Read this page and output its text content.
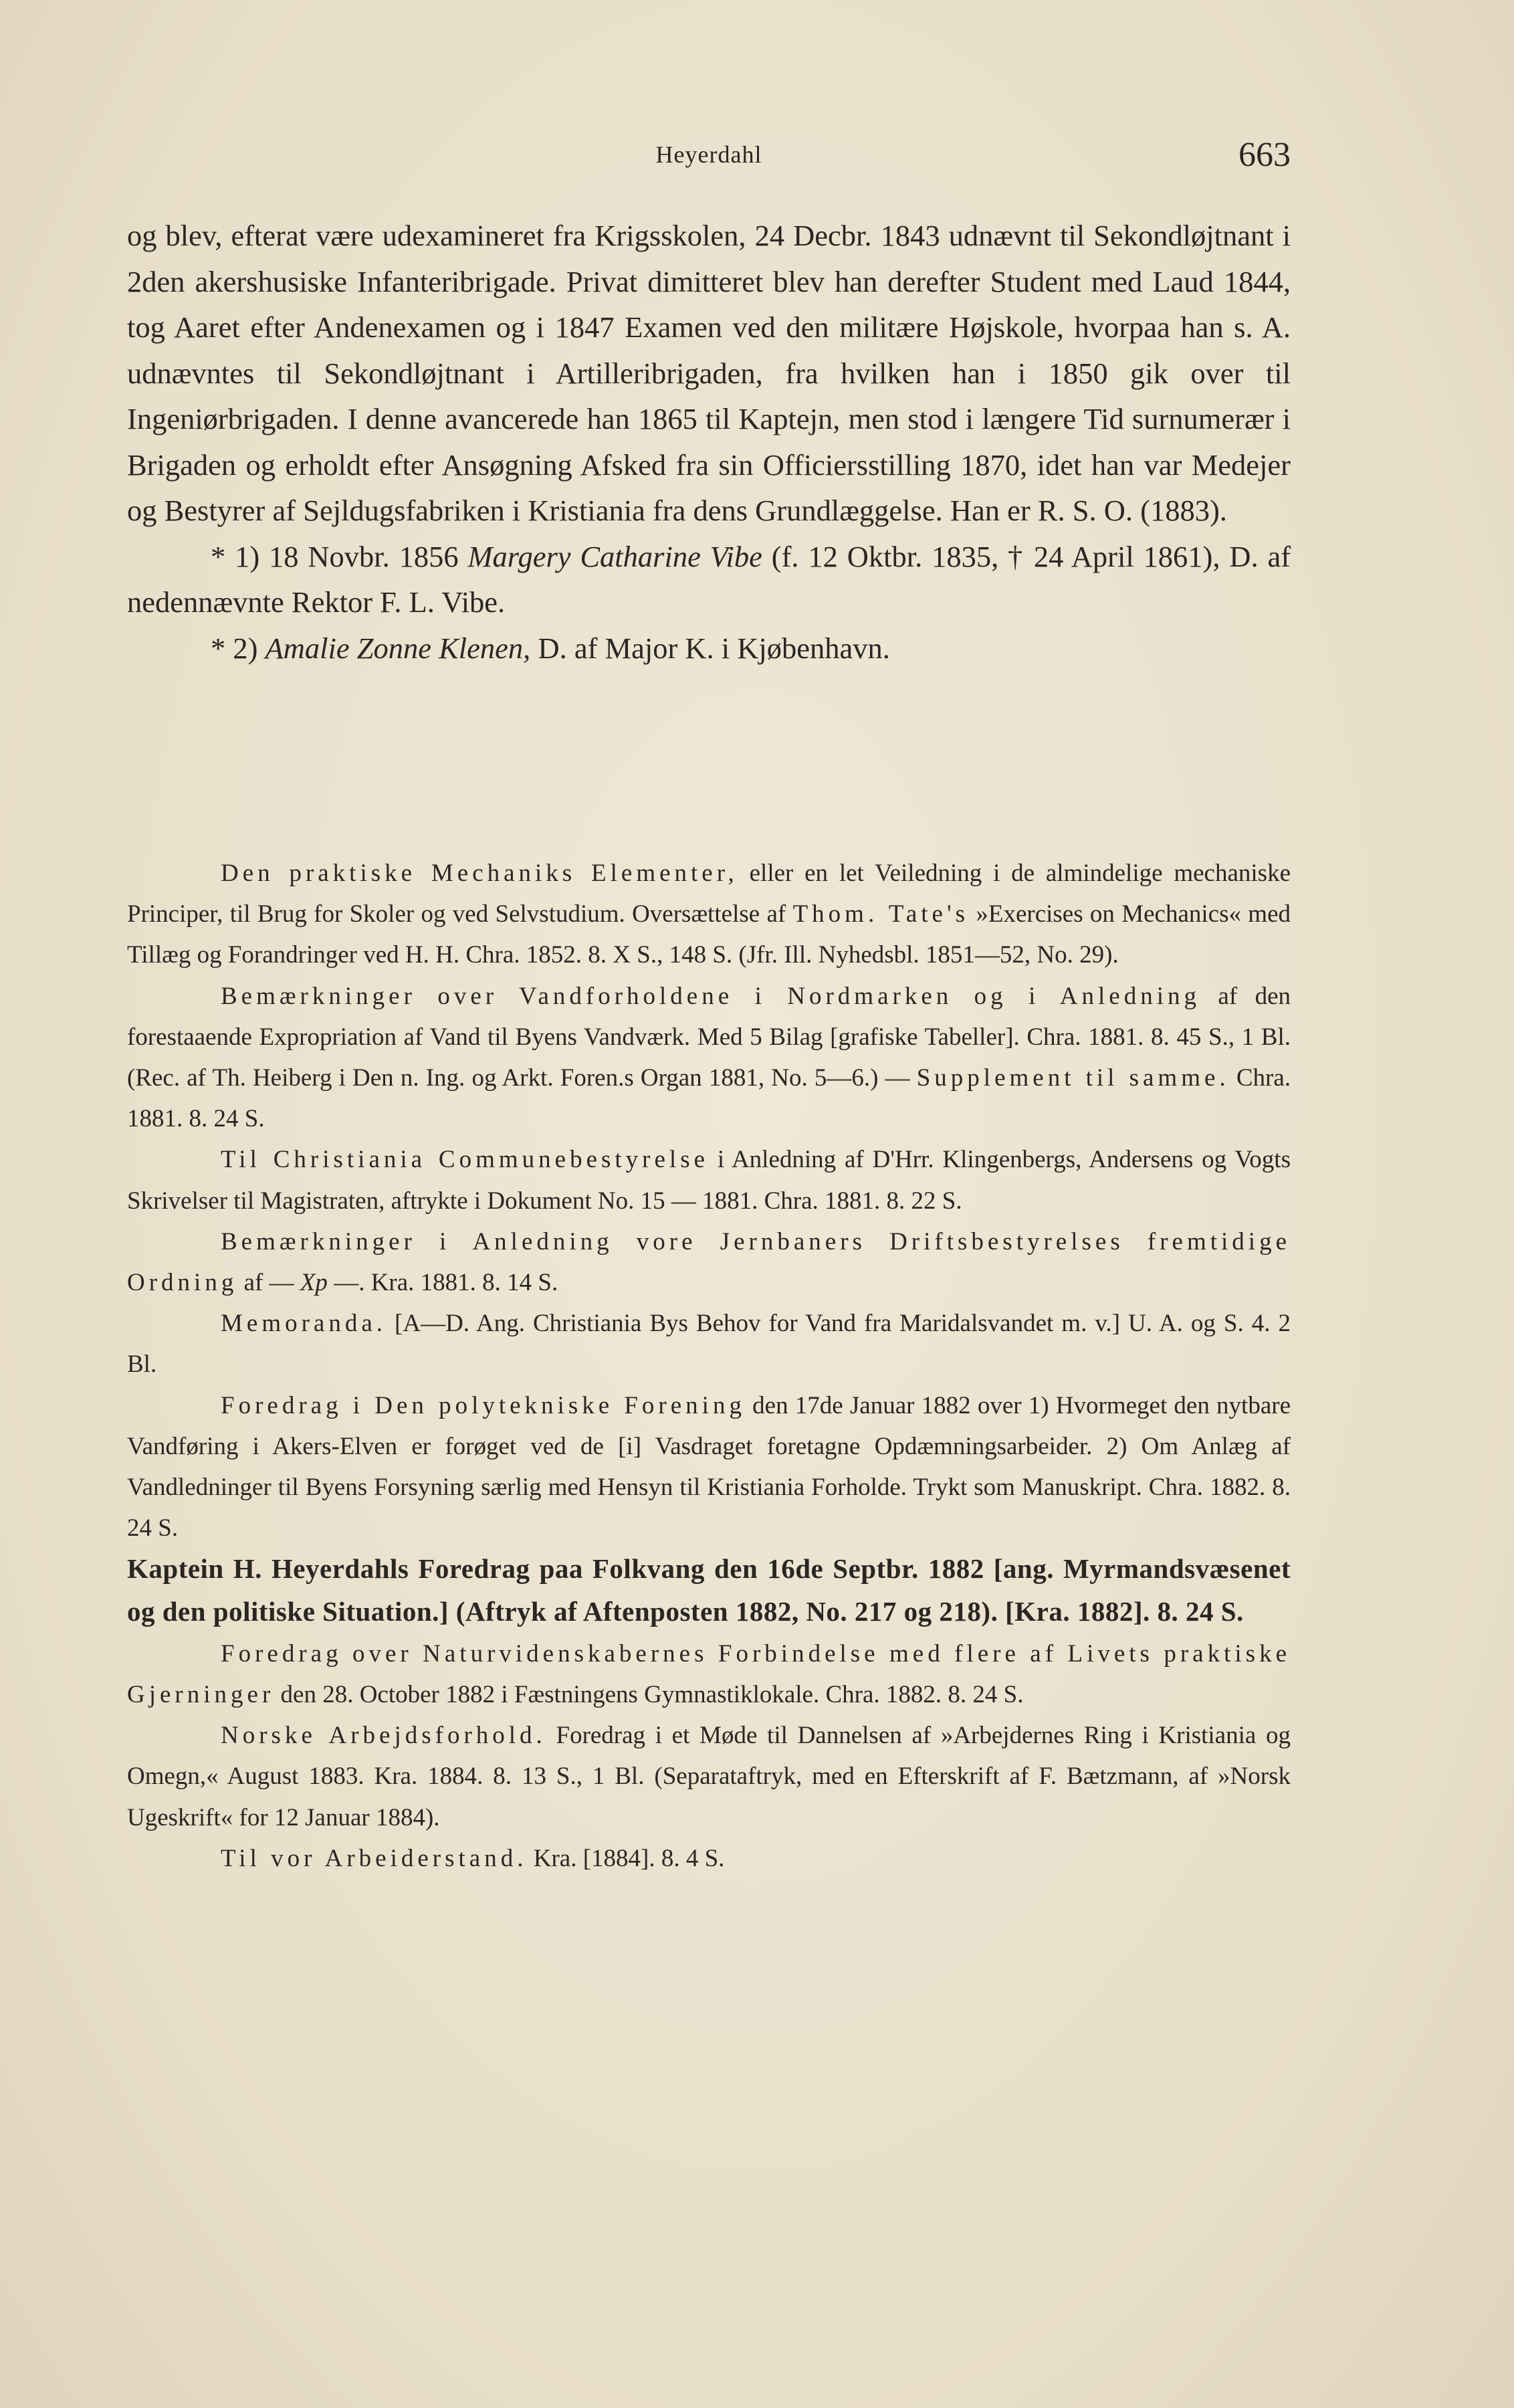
Heyerdahl	663

og blev, efterat være udexamineret fra Krigsskolen, 24 Decbr. 1843 udnævnt til Sekondløjtnant i 2den akershusiske Infanteribrigade. Privat dimitteret blev han derefter Student med Laud 1844, tog Aaret efter Andenexamen og i 1847 Examen ved den militære Højskole, hvorpaa han s. A. udnævntes til Sekondløjtnant i Artilleribrigaden, fra hvilken han i 1850 gik over til Ingeniørbrigaden. I denne avancerede han 1865 til Kaptejn, men stod i længere Tid surnumerær i Brigaden og erholdt efter Ansøgning Afsked fra sin Officiersstilling 1870, idet han var Medejer og Bestyrer af Sejldugsfabriken i Kristiania fra dens Grundlæggelse. Han er R. S. O. (1883).

* 1) 18 Novbr. 1856 Margery Catharine Vibe (f. 12 Oktbr. 1835, † 24 April 1861), D. af nedennævnte Rektor F. L. Vibe.

* 2) Amalie Zonne Klenen, D. af Major K. i Kjøbenhavn.

Den praktiske Mechaniks Elementer, eller en let Veiledning i de almindelige mechaniske Principer, til Brug for Skoler og ved Selvstudium. Oversættelse af Thom. Tate's »Exercises on Mechanics« med Tillæg og Forandringer ved H. H. Chra. 1852. 8. X S., 148 S. (Jfr. Ill. Nyhedsbl. 1851—52, No. 29).

Bemærkninger over Vandforholdene i Nordmarken og i Anledning af den forestaaende Expropriation af Vand til Byens Vandværk. Med 5 Bilag [grafiske Tabeller]. Chra. 1881. 8. 45 S., 1 Bl. (Rec. af Th. Heiberg i Den n. Ing. og Arkt. Foren.s Organ 1881, No. 5—6.) — Supplement til samme. Chra. 1881. 8. 24 S.

Til Christiania Communebestyrelse i Anledning af D'Hrr. Klingenbergs, Andersens og Vogts Skrivelser til Magistraten, aftrykte i Dokument No. 15 — 1881. Chra. 1881. 8. 22 S.

Bemærkninger i Anledning vore Jernbaners Driftsbestyrelses fremtidige Ordning af — Xp —. Kra. 1881. 8. 14 S.

Memoranda. [A—D. Ang. Christiania Bys Behov for Vand fra Maridalsvandet m. v.] U. A. og S. 4. 2 Bl.

Foredrag i Den polytekniske Forening den 17de Januar 1882 over 1) Hvormeget den nytbare Vandføring i Akers-Elven er forøget ved de [i] Vasdraget foretagne Opdæmningsarbeider. 2) Om Anlæg af Vandledninger til Byens Forsyning særlig med Hensyn til Kristiania Forholde. Trykt som Manuskript. Chra. 1882. 8. 24 S.

Kaptein H. Heyerdahls Foredrag paa Folkvang den 16de Septbr. 1882 [ang. Myrmandsvæsenet og den politiske Situation.] (Aftryk af Aftenposten 1882, No. 217 og 218). [Kra. 1882]. 8. 24 S.

Foredrag over Naturvidenskabernes Forbindelse med flere af Livets praktiske Gjerninger den 28. October 1882 i Fæstningens Gymnastiklokale. Chra. 1882. 8. 24 S.

Norske Arbejdsforhold. Foredrag i et Møde til Dannelsen af »Arbejdernes Ring i Kristiania og Omegn,« August 1883. Kra. 1884. 8. 13 S., 1 Bl. (Separataftryk, med en Efterskrift af F. Bætzmann, af »Norsk Ugeskrift« for 12 Januar 1884).

Til vor Arbeiderstand. Kra. [1884]. 8. 4 S.
